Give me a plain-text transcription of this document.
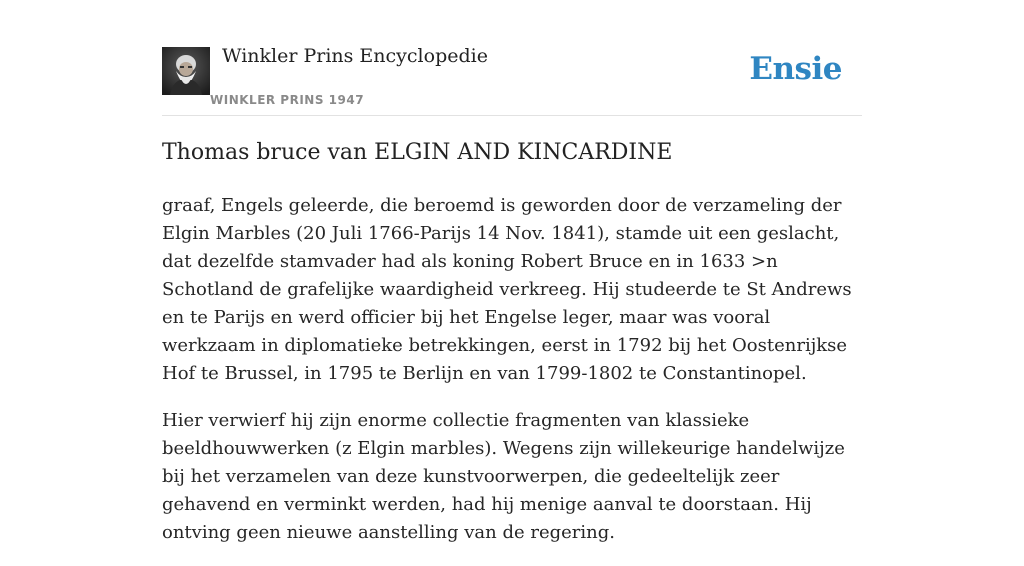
Winkler Prins Encyclopedie
WINKLER PRINS 1947
Ensie
Thomas bruce van ELGIN AND KINCARDINE

graaf, Engels geleerde, die beroemd is geworden door de verzameling der Elgin Marbles (20 Juli 1766-Parijs 14 Nov. 1841), stamde uit een geslacht, dat dezelfde stamvader had als koning Robert Bruce en in 1633 >n Schotland de grafelijke waardigheid verkreeg. Hij studeerde te St Andrews en te Parijs en werd officier bij het Engelse leger, maar was vooral werkzaam in diplomatieke betrekkingen, eerst in 1792 bij het Oostenrijkse Hof te Brussel, in 1795 te Berlijn en van 1799-1802 te Constantinopel.

Hier verwierf hij zijn enorme collectie fragmenten van klassieke beeldhouwwerken (z Elgin marbles). Wegens zijn willekeurige handelwijze bij het verzamelen van deze kunstvoorwerpen, die gedeeltelijk zeer gehavend en verminkt werden, had hij menige aanval te doorstaan. Hij ontving geen nieuwe aanstelling van de regering.
